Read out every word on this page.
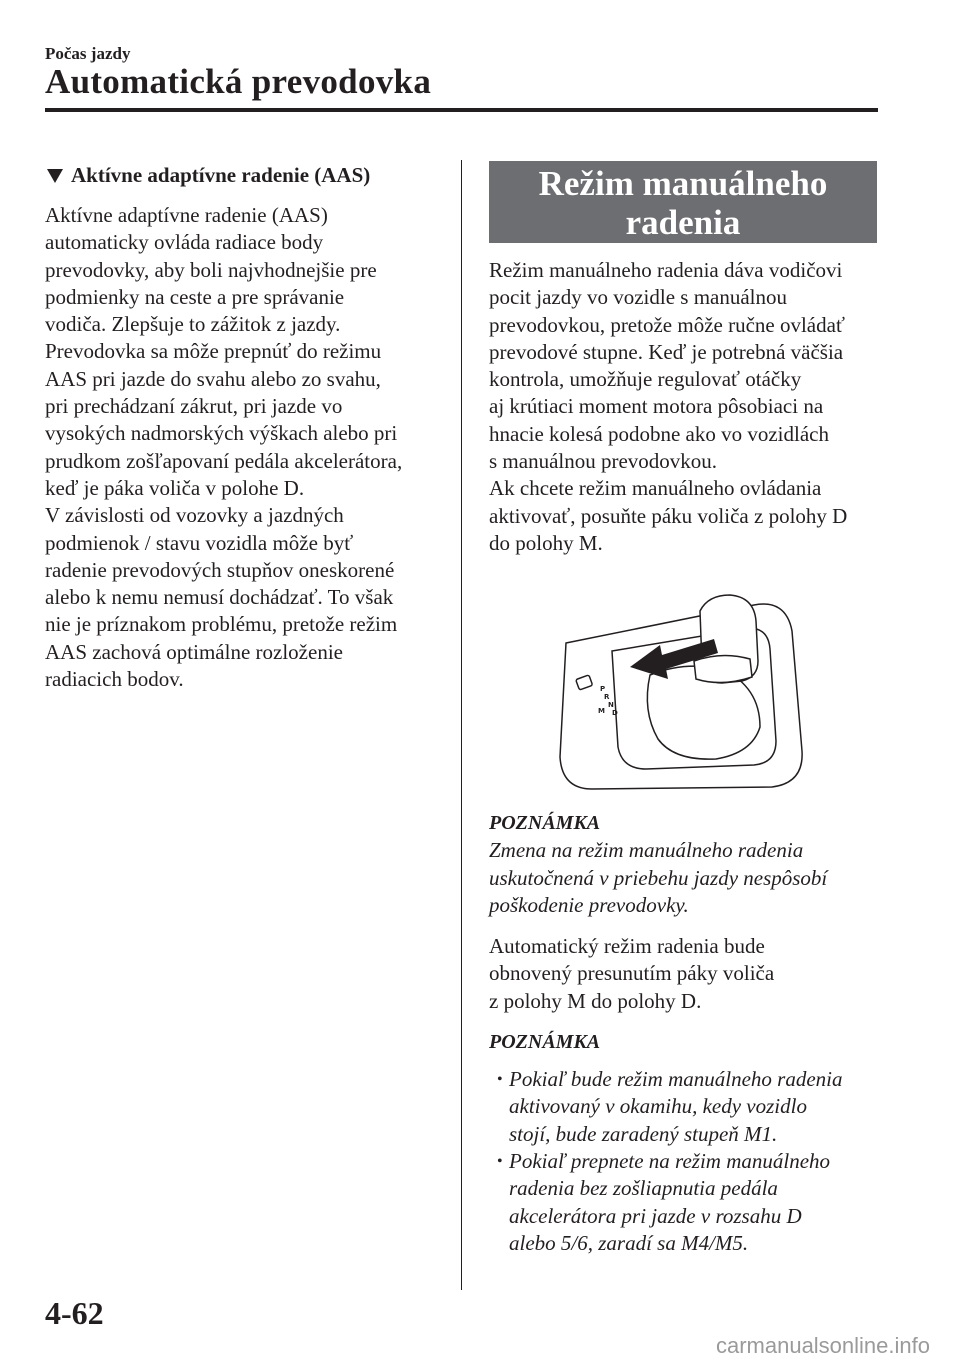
Počas jazdy
Automatická prevodovka
Aktívne adaptívne radenie (AAS)

Aktívne adaptívne radenie (AAS)
automaticky ovláda radiace body
prevodovky, aby boli najvhodnejšie pre
podmienky na ceste a pre správanie
vodiča. Zlepšuje to zážitok z jazdy.
Prevodovka sa môže prepnúť do režimu
AAS pri jazde do svahu alebo zo svahu,
pri prechádzaní zákrut, pri jazde vo
vysokých nadmorských výškach alebo pri
prudkom zošľapovaní pedála akcelerátora,
keď je páka voliča v polohe D.
V závislosti od vozovky a jazdných
podmienok / stavu vozidla môže byť
radenie prevodových stupňov oneskorené
alebo k nemu nemusí dochádzať. To však
nie je príznakom problému, pretože režim
AAS zachová optimálne rozloženie
radiacich bodov.

Režim manuálneho
radenia

Režim manuálneho radenia dáva vodičovi
pocit jazdy vo vozidle s manuálnou
prevodovkou, pretože môže ručne ovládať
prevodové stupne. Keď je potrebná väčšia
kontrola, umožňuje regulovať otáčky
aj krútiaci moment motora pôsobiaci na
hnacie kolesá podobne ako vo vozidlách
s manuálnou prevodovkou.
Ak chcete režim manuálneho ovládania
aktivovať, posuňte páku voliča z polohy D
do polohy M.

P
R
N
D
M
POZNÁMKA

Zmena na režim manuálneho radenia
uskutočnená v priebehu jazdy nespôsobí
poškodenie prevodovky.

Automatický režim radenia bude
obnovený presunutím páky voliča
z polohy M do polohy D.

POZNÁMKA
• Pokiaľ bude režim manuálneho radenia
aktivovaný v okamihu, kedy vozidlo
stojí, bude zaradený stupeň M1.
• Pokiaľ prepnete na režim manuálneho
radenia bez zošliapnutia pedála
akcelerátora pri jazde v rozsahu D
alebo 5/6, zaradí sa M4/M5.
4-62
carmanualsonline.info
